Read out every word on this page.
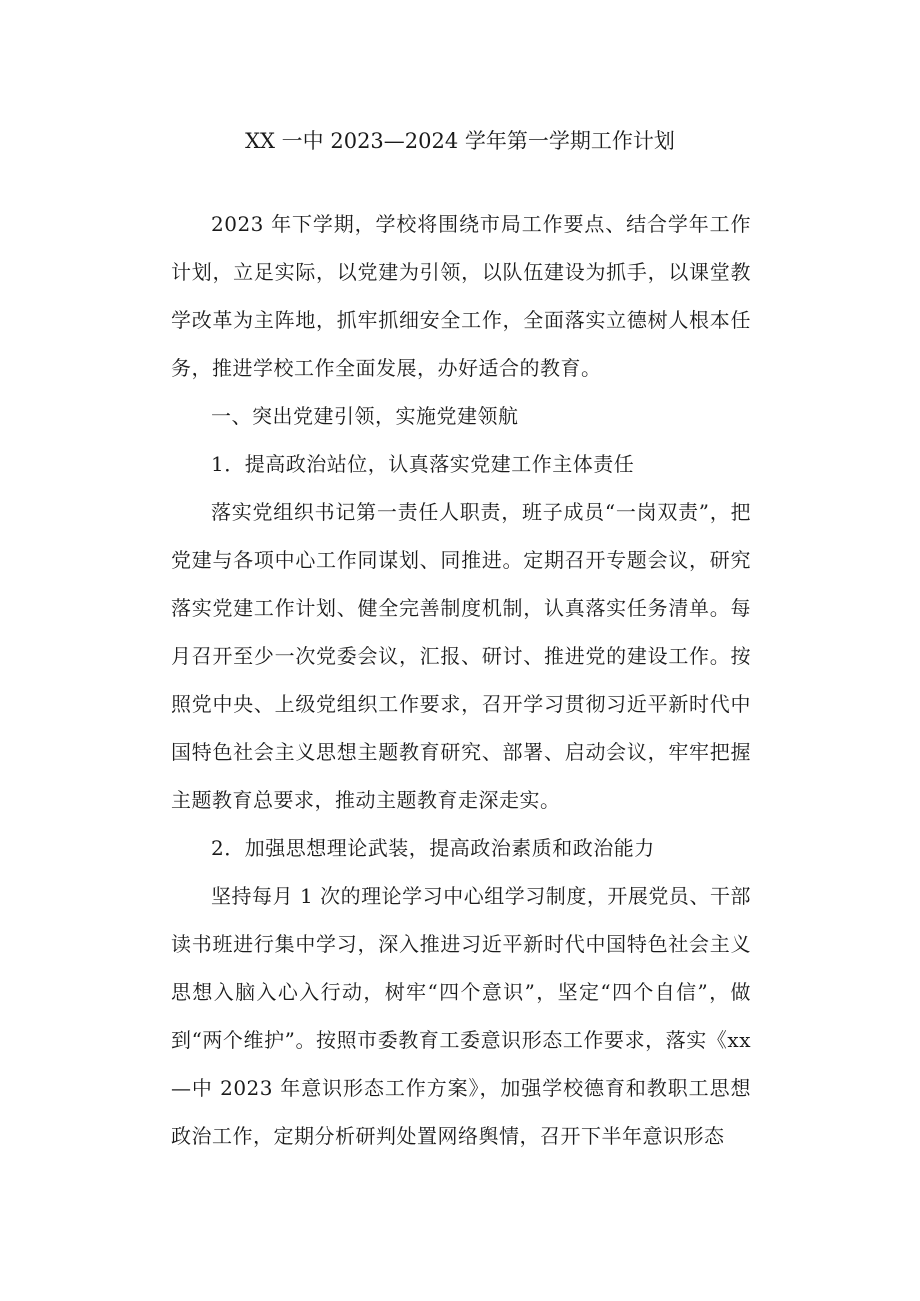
XX 一中 2023—2024 学年第一学期工作计划

2023 年下学期，学校将围绕市局工作要点、结合学年工作计划，立足实际，以党建为引领，以队伍建设为抓手，以课堂教学改革为主阵地，抓牢抓细安全工作，全面落实立德树人根本任务，推进学校工作全面发展，办好适合的教育。

一、突出党建引领，实施党建领航

1．提高政治站位，认真落实党建工作主体责任

落实党组织书记第一责任人职责，班子成员“一岗双责”，把党建与各项中心工作同谋划、同推进。定期召开专题会议，研究落实党建工作计划、健全完善制度机制，认真落实任务清单。每月召开至少一次党委会议，汇报、研讨、推进党的建设工作。按照党中央、上级党组织工作要求，召开学习贯彻习近平新时代中国特色社会主义思想主题教育研究、部署、启动会议，牢牢把握主题教育总要求，推动主题教育走深走实。

2．加强思想理论武装，提高政治素质和政治能力

坚持每月 1 次的理论学习中心组学习制度，开展党员、干部读书班进行集中学习，深入推进习近平新时代中国特色社会主义思想入脑入心入行动，树牢“四个意识”，坚定“四个自信”，做到“两个维护”。按照市委教育工委意识形态工作要求，落实《xx—中 2023 年意识形态工作方案》，加强学校德育和教职工思想政治工作，定期分析研判处置网络舆情，召开下半年意识形态
